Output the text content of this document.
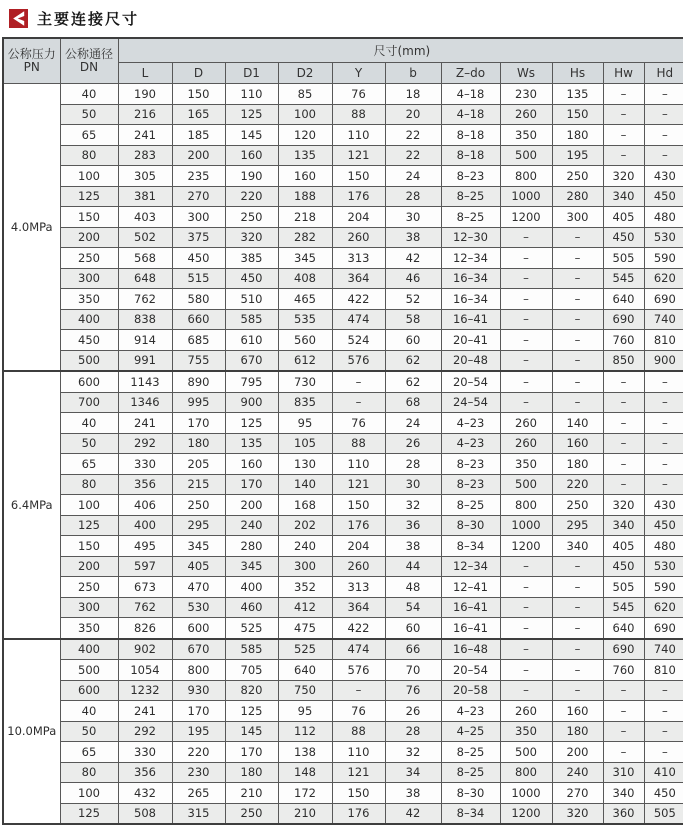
主要连接尺寸
公称压力
PN

公称通径
DN
	尺寸(mm)
		L	D	D1	D2	Y	b	Z–do	Ws	Hs	Hw	Hd
4.0MPa	40	190	150	110	85	76	18	4–18	230	135	–	–
	50	216	165	125	100	88	20	4–18	260	150	–	–
	65	241	185	145	120	110	22	8–18	350	180	–	–
	80	283	200	160	135	121	22	8–18	500	195	–	–
	100	305	235	190	160	150	24	8–23	800	250	320	430
	125	381	270	220	188	176	28	8–25	1000	280	340	450
	150	403	300	250	218	204	30	8–25	1200	300	405	480
	200	502	375	320	282	260	38	12–30	–	–	450	530
	250	568	450	385	345	313	42	12–34	–	–	505	590
	300	648	515	450	408	364	46	16–34	–	–	545	620
	350	762	580	510	465	422	52	16–34	–	–	640	690
	400	838	660	585	535	474	58	16–41	–	–	690	740
	450	914	685	610	560	524	60	20–41	–	–	760	810
	500	991	755	670	612	576	62	20–48	–	–	850	900
6.4MPa	600	1143	890	795	730	–	62	20–54	–	–	–	–
	700	1346	995	900	835	–	68	24–54	–	–	–	–
	40	241	170	125	95	76	24	4–23	260	140	–	–
	50	292	180	135	105	88	26	4–23	260	160	–	–
	65	330	205	160	130	110	28	8–23	350	180	–	–
	80	356	215	170	140	121	30	8–23	500	220	–	–
	100	406	250	200	168	150	32	8–25	800	250	320	430
	125	400	295	240	202	176	36	8–30	1000	295	340	450
	150	495	345	280	240	204	38	8–34	1200	340	405	480
	200	597	405	345	300	260	44	12–34	–	–	450	530
	250	673	470	400	352	313	48	12–41	–	–	505	590
	300	762	530	460	412	364	54	16–41	–	–	545	620
	350	826	600	525	475	422	60	16–41	–	–	640	690
10.0MPa	400	902	670	585	525	474	66	16–48	–	–	690	740
	500	1054	800	705	640	576	70	20–54	–	–	760	810
	600	1232	930	820	750	–	76	20–58	–	–	–	–
	40	241	170	125	95	76	26	4–23	260	160	–	–
	50	292	195	145	112	88	28	4–25	350	180	–	–
	65	330	220	170	138	110	32	8–25	500	200	–	–
	80	356	230	180	148	121	34	8–25	800	240	310	410
	100	432	265	210	172	150	38	8–30	1000	270	340	450
	125	508	315	250	210	176	42	8–34	1200	320	360	505
